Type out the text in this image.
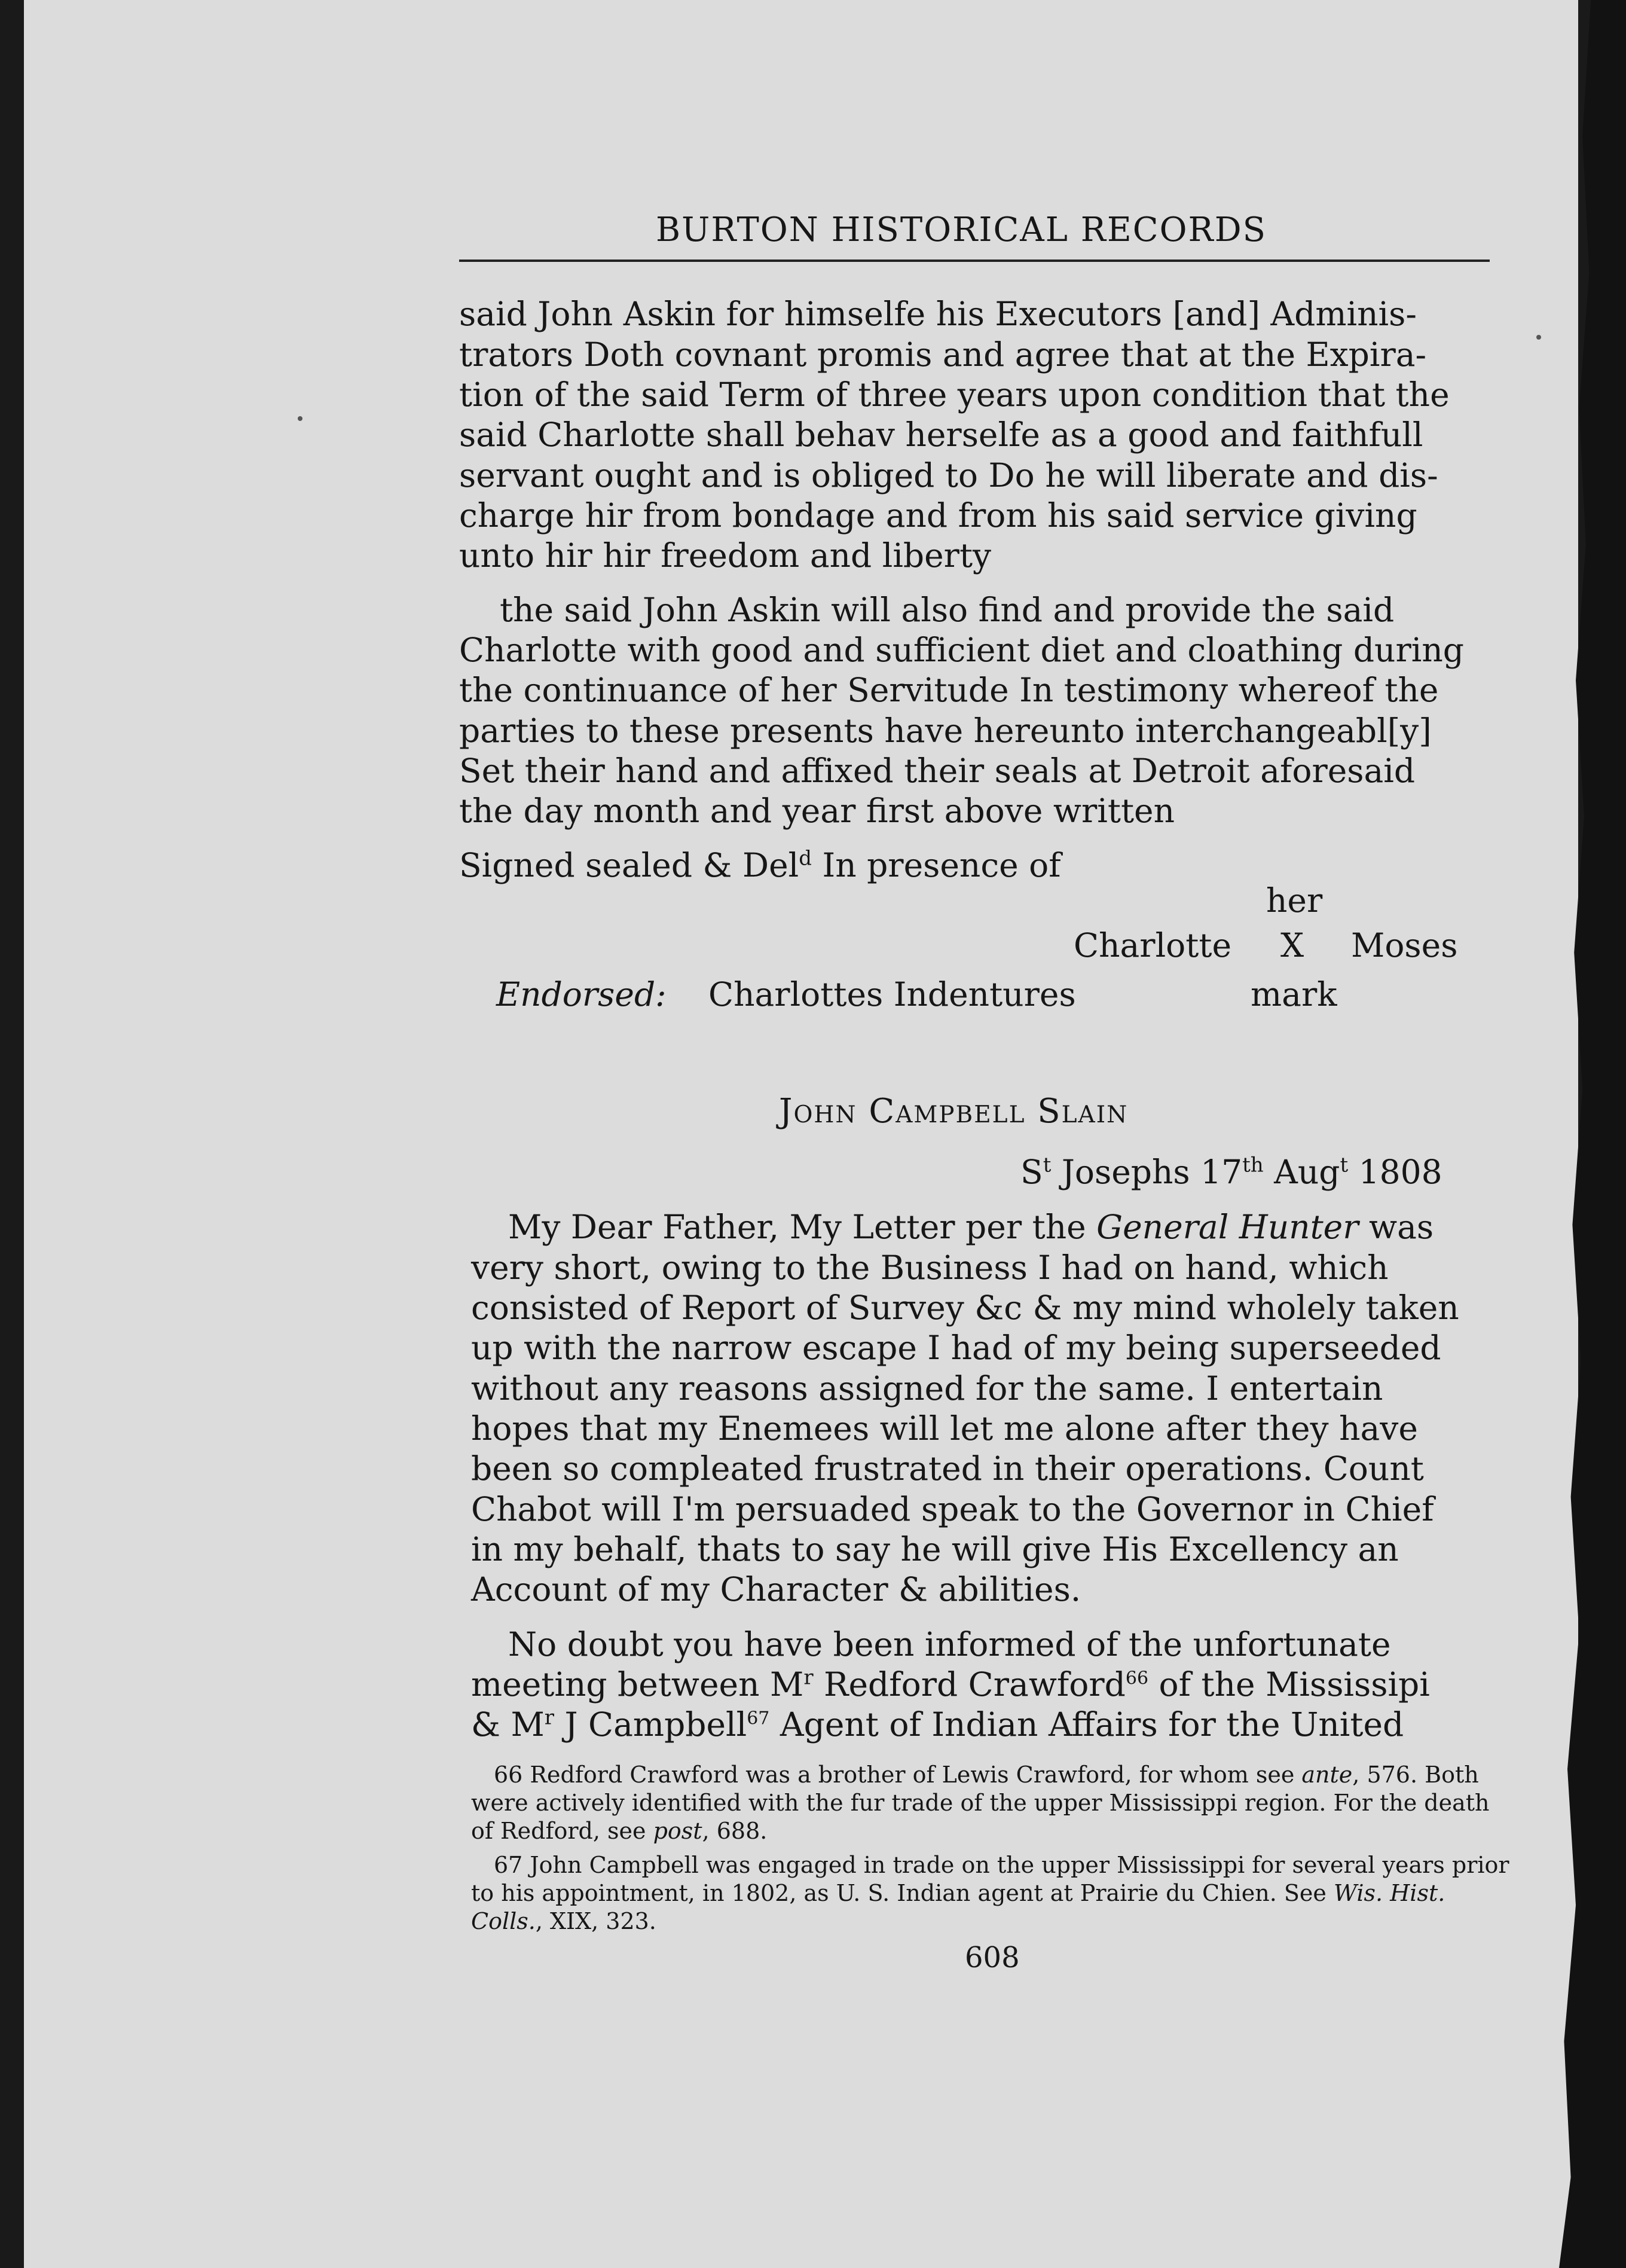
BURTON HISTORICAL RECORDS
said John Askin for himselfe his Executors [and] Adminis-
trators Doth covnant promis and agree that at the Expira-
tion of the said Term of three years upon condition that the
said Charlotte shall behav herselfe as a good and faithfull
servant ought and is obliged to Do he will liberate and dis-
charge hir from bondage and from his said service giving
unto hir hir freedom and liberty
the said John Askin will also find and provide the said
Charlotte with good and sufficient diet and cloathing during
the continuance of her Servitude In testimony whereof the
parties to these presents have hereunto interchangeabl[y]
Set their hand and affixed their seals at Detroit aforesaid
the day month and year first above written
Signed sealed & Del$^d$ In presence of
her
Charlotte X Moses
Endorsed: Charlottes Indentures	mark
John Campbell Slain
$S^t$ Josephs 17th Aug$^t$ 1808
My Dear Father, My Letter per the General Hunter was
very short, owing to the Business I had on hand, which
consisted of Report of Survey &c & my mind wholely taken
up with the narrow escape I had of my being superseeded
without any reasons assigned for the same. I entertain
hopes that my Enemees will let me alone after they have
been so compleated frustrated in their operations. Count
Chabot will I'm persuaded speak to the Governor in Chief
in my behalf, thats to say he will give His Excellency an
Account of my Character & abilities.
No doubt you have been informed of the unfortunate
meeting between $M^r$ Redford Crawford$^{66}$ of the Mississipi
& $M^r$ J Campbell$^{67}$ Agent of Indian Affairs for the United
66 Redford Crawford was a brother of Lewis Crawford, for whom see ante, 576. Both
were actively identified with the fur trade of the upper Mississippi region. For the death
of Redford, see post, 688.
67 John Campbell was engaged in trade on the upper Mississippi for several years prior
to his appointment, in 1802, as U. S. Indian agent at Prairie du Chien. See Wis. Hist.
Colls., XIX, 323.
608
